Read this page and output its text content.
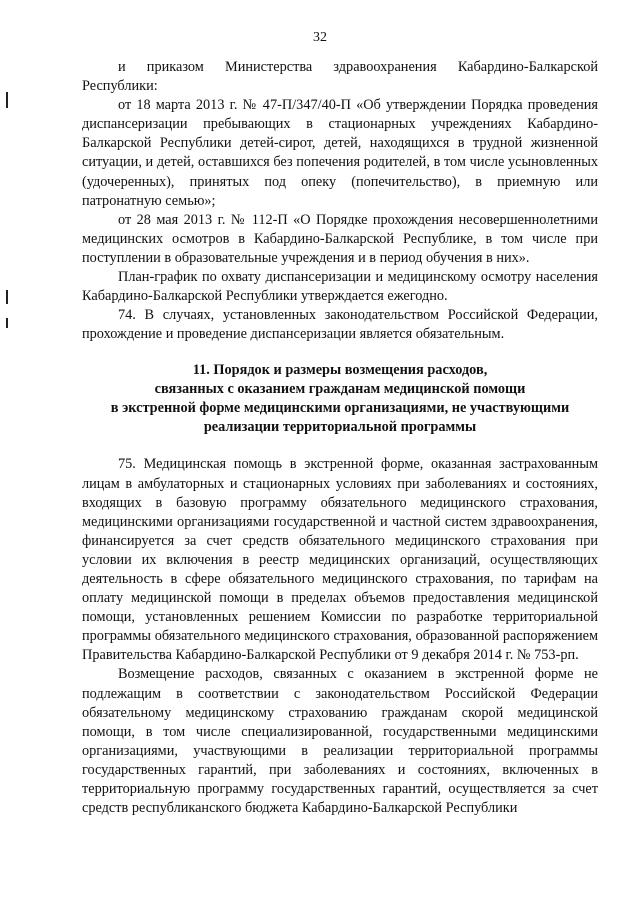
32

и приказом Министерства здравоохранения Кабардино-Балкарской Республики:

от 18 марта 2013 г. № 47-П/347/40-П «Об утверждении Порядка проведения диспансеризации пребывающих в стационарных учреждениях Кабардино-Балкарской Республики детей-сирот, детей, находящихся в трудной жизненной ситуации, и детей, оставшихся без попечения родителей, в том числе усыновленных (удочеренных), принятых под опеку (попечительство), в приемную или патронатную семью»;

от 28 мая 2013 г. № 112-П «О Порядке прохождения несовершеннолетними медицинских осмотров в Кабардино-Балкарской Республике, в том числе при поступлении в образовательные учреждения и в период обучения в них».

План-график по охвату диспансеризации и медицинскому осмотру населения Кабардино-Балкарской Республики утверждается ежегодно.

74. В случаях, установленных законодательством Российской Федерации, прохождение и проведение диспансеризации является обязательным.

11. Порядок и размеры возмещения расходов,
связанных с оказанием гражданам медицинской помощи
в экстренной форме медицинскими организациями, не участвующими
реализации территориальной программы

75. Медицинская помощь в экстренной форме, оказанная застрахованным лицам в амбулаторных и стационарных условиях при заболеваниях и состояниях, входящих в базовую программу обязательного медицинского страхования, медицинскими организациями государственной и частной систем здравоохранения, финансируется за счет средств обязательного медицинского страхования при условии их включения в реестр медицинских организаций, осуществляющих деятельность в сфере обязательного медицинского страхования, по тарифам на оплату медицинской помощи в пределах объемов предоставления медицинской помощи, установленных решением Комиссии по разработке территориальной программы обязательного медицинского страхования, образованной распоряжением Правительства Кабардино-Балкарской Республики от 9 декабря 2014 г. № 753-рп.

Возмещение расходов, связанных с оказанием в экстренной форме не подлежащим в соответствии с законодательством Российской Федерации обязательному медицинскому страхованию гражданам скорой медицинской помощи, в том числе специализированной, государственными медицинскими организациями, участвующими в реализации территориальной программы государственных гарантий, при заболеваниях и состояниях, включенных в территориальную программу государственных гарантий, осуществляется за счет средств республиканского бюджета Кабардино-Балкарской Республики
